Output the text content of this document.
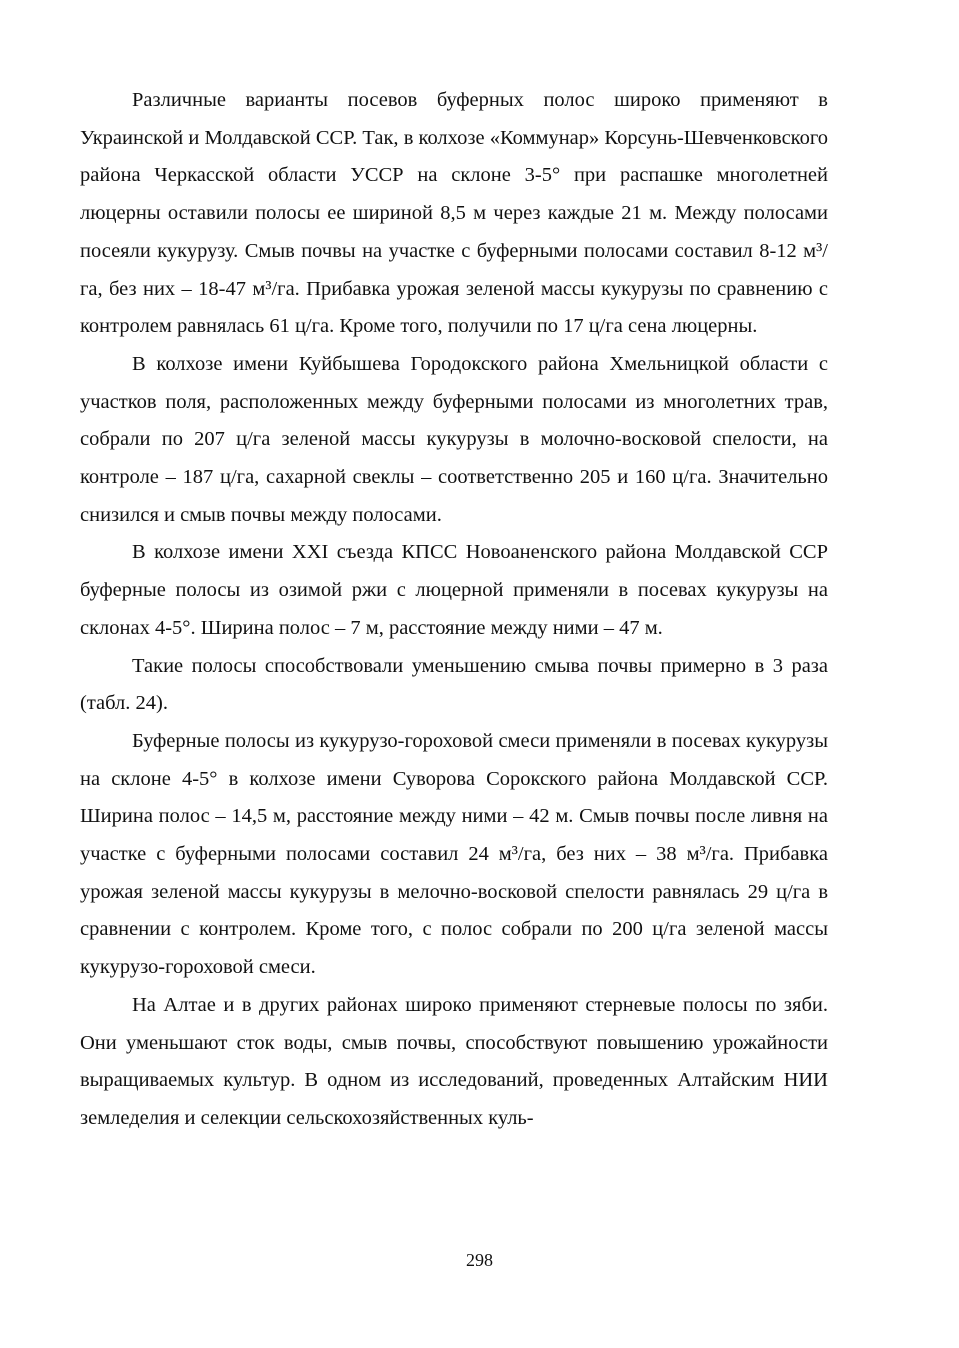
Различные варианты посевов буферных полос широко применяют в Украинской и Молдавской ССР. Так, в колхозе «Коммунар» Корсунь-Шевченковского района Черкасской области УССР на склоне 3-5° при распашке многолетней люцерны оставили полосы ее шириной 8,5 м через каждые 21 м. Между полосами посеяли кукурузу. Смыв почвы на участке с буферными полосами составил 8-12 м³/га, без них – 18-47 м³/га. Прибавка урожая зеленой массы кукурузы по сравнению с контролем равнялась 61 ц/га. Кроме того, получили по 17 ц/га сена люцерны.

В колхозе имени Куйбышева Городокского района Хмельницкой области с участков поля, расположенных между буферными полосами из многолетних трав, собрали по 207 ц/га зеленой массы кукурузы в молочно-восковой спелости, на контроле – 187 ц/га, сахарной свеклы – соответственно 205 и 160 ц/га. Значительно снизился и смыв почвы между полосами.

В колхозе имени XXI съезда КПСС Новоаненского района Молдавской ССР буферные полосы из озимой ржи с люцерной применяли в посевах кукурузы на склонах 4-5°. Ширина полос – 7 м, расстояние между ними – 47 м.

Такие полосы способствовали уменьшению смыва почвы примерно в 3 раза (табл. 24).

Буферные полосы из кукурузо-гороховой смеси применяли в посевах кукурузы на склоне 4-5° в колхозе имени Суворова Сорокского района Молдавской ССР. Ширина полос – 14,5 м, расстояние между ними – 42 м. Смыв почвы после ливня на участке с буферными полосами составил 24 м³/га, без них – 38 м³/га. Прибавка урожая зеленой массы кукурузы в мелочно-восковой спелости равнялась 29 ц/га в сравнении с контролем. Кроме того, с полос собрали по 200 ц/га зеленой массы кукурузо-гороховой смеси.

На Алтае и в других районах широко применяют стерневые полосы по зяби. Они уменьшают сток воды, смыв почвы, способствуют повышению урожайности выращиваемых культур. В одном из исследований, проведенных Алтайским НИИ земледелия и селекции сельскохозяйственных куль-

298
